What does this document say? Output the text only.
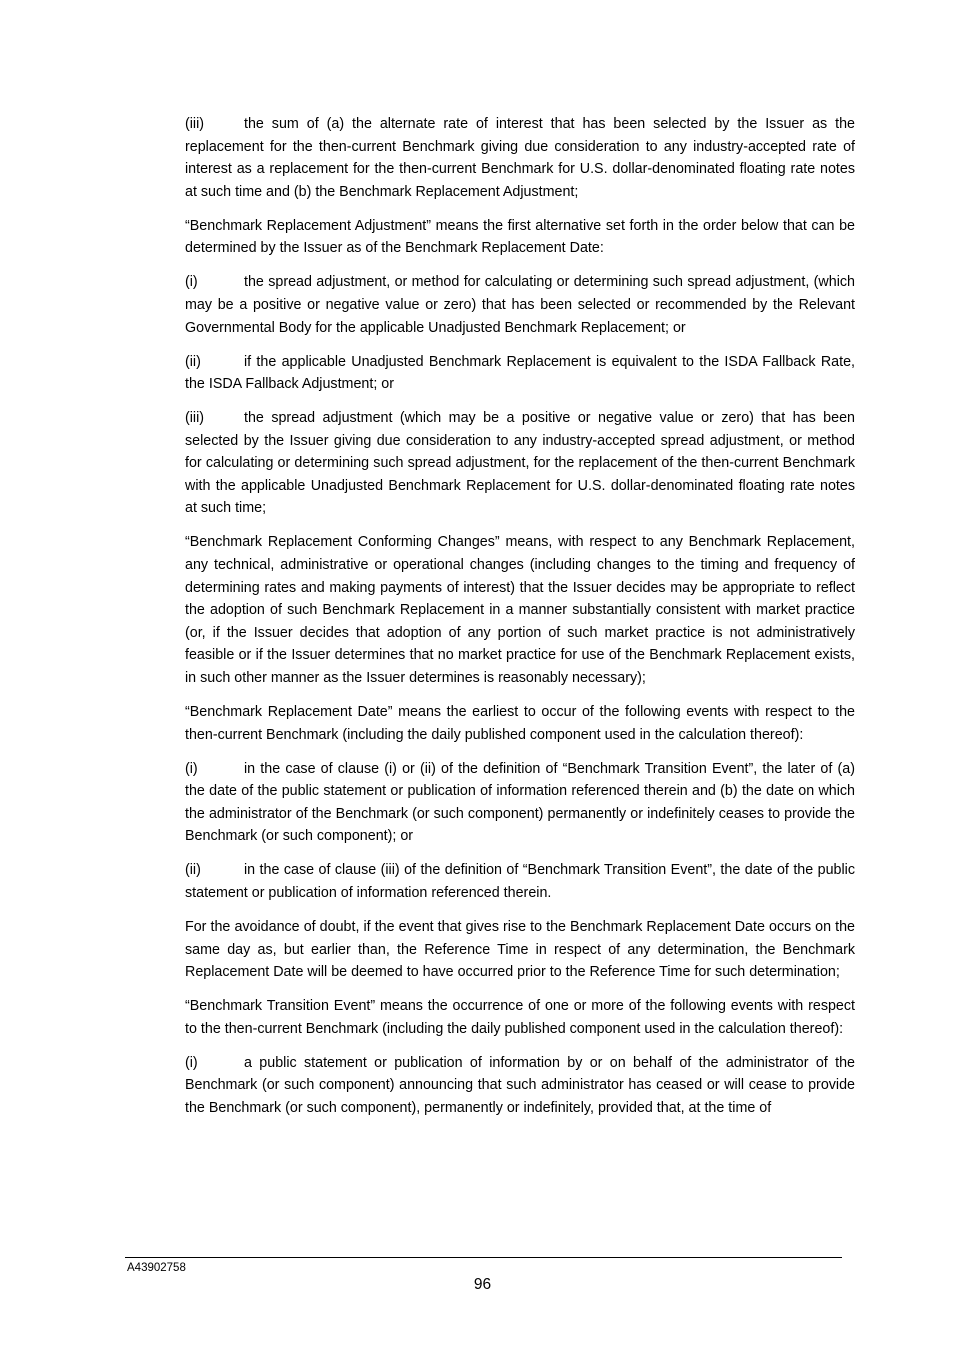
(iii)	the sum of (a) the alternate rate of interest that has been selected by the Issuer as the replacement for the then-current Benchmark giving due consideration to any industry-accepted rate of interest as a replacement for the then-current Benchmark for U.S. dollar-denominated floating rate notes at such time and (b) the Benchmark Replacement Adjustment;

“Benchmark Replacement Adjustment” means the first alternative set forth in the order below that can be determined by the Issuer as of the Benchmark Replacement Date:

(i)	the spread adjustment, or method for calculating or determining such spread adjustment, (which may be a positive or negative value or zero) that has been selected or recommended by the Relevant Governmental Body for the applicable Unadjusted Benchmark Replacement; or

(ii)	if the applicable Unadjusted Benchmark Replacement is equivalent to the ISDA Fallback Rate, the ISDA Fallback Adjustment; or

(iii)	the spread adjustment (which may be a positive or negative value or zero) that has been selected by the Issuer giving due consideration to any industry-accepted spread adjustment, or method for calculating or determining such spread adjustment, for the replacement of the then-current Benchmark with the applicable Unadjusted Benchmark Replacement for U.S. dollar-denominated floating rate notes at such time;

“Benchmark Replacement Conforming Changes” means, with respect to any Benchmark Replacement, any technical, administrative or operational changes (including changes to the timing and frequency of determining rates and making payments of interest) that the Issuer decides may be appropriate to reflect the adoption of such Benchmark Replacement in a manner substantially consistent with market practice (or, if the Issuer decides that adoption of any portion of such market practice is not administratively feasible or if the Issuer determines that no market practice for use of the Benchmark Replacement exists, in such other manner as the Issuer determines is reasonably necessary);

“Benchmark Replacement Date” means the earliest to occur of the following events with respect to the then-current Benchmark (including the daily published component used in the calculation thereof):

(i)	in the case of clause (i) or (ii) of the definition of “Benchmark Transition Event”, the later of (a) the date of the public statement or publication of information referenced therein and (b) the date on which the administrator of the Benchmark (or such component) permanently or indefinitely ceases to provide the Benchmark (or such component); or

(ii)	in the case of clause (iii) of the definition of “Benchmark Transition Event”, the date of the public statement or publication of information referenced therein.

For the avoidance of doubt, if the event that gives rise to the Benchmark Replacement Date occurs on the same day as, but earlier than, the Reference Time in respect of any determination, the Benchmark Replacement Date will be deemed to have occurred prior to the Reference Time for such determination;

“Benchmark Transition Event” means the occurrence of one or more of the following events with respect to the then-current Benchmark (including the daily published component used in the calculation thereof):

(i)	a public statement or publication of information by or on behalf of the administrator of the Benchmark (or such component) announcing that such administrator has ceased or will cease to provide the Benchmark (or such component), permanently or indefinitely, provided that, at the time of

A43902758
96
